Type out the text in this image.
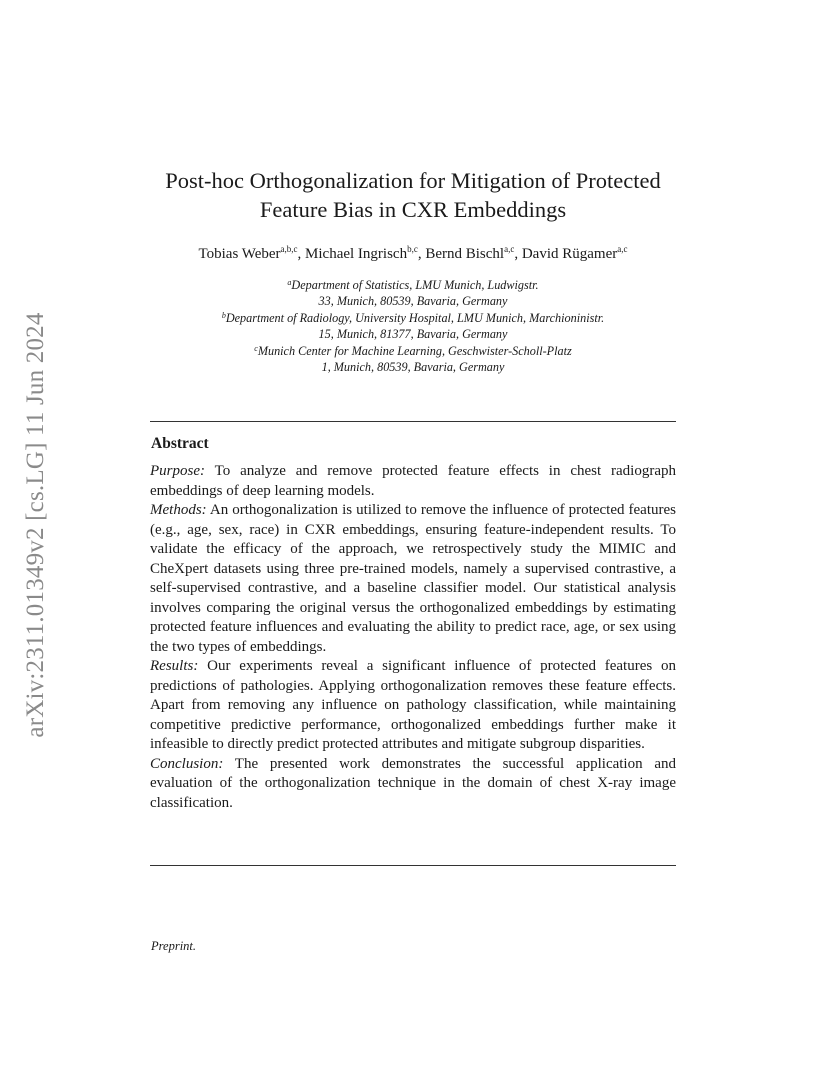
arXiv:2311.01349v2 [cs.LG] 11 Jun 2024
Post-hoc Orthogonalization for Mitigation of Protected
Feature Bias in CXR Embeddings
Tobias Weber$^{a,b,c}$, Michael Ingrisch$^{b,c}$, Bernd Bischl$^{a,c}$, David Rügamer$^{a,c}$
$^a$Department of Statistics, LMU Munich, Ludwigstr.
33, Munich, 80539, Bavaria, Germany
$^b$Department of Radiology, University Hospital, LMU Munich, Marchioninistr.
15, Munich, 81377, Bavaria, Germany
$^c$Munich Center for Machine Learning, Geschwister-Scholl-Platz
1, Munich, 80539, Bavaria, Germany
Abstract

Purpose: To analyze and remove protected feature effects in chest radiograph embeddings of deep learning models.

Methods: An orthogonalization is utilized to remove the influence of protected features (e.g., age, sex, race) in CXR embeddings, ensuring feature-independent results. To validate the efficacy of the approach, we retrospectively study the MIMIC and CheXpert datasets using three pre-trained models, namely a supervised contrastive, a self-supervised contrastive, and a baseline classifier model. Our statistical analysis involves comparing the original versus the orthogonalized embeddings by estimating protected feature influences and evaluating the ability to predict race, age, or sex using the two types of embeddings.

Results: Our experiments reveal a significant influence of protected features on predictions of pathologies. Applying orthogonalization removes these feature effects. Apart from removing any influence on pathology classification, while maintaining competitive predictive performance, orthogonalized embeddings further make it infeasible to directly predict protected attributes and mitigate subgroup disparities.

Conclusion: The presented work demonstrates the successful application and evaluation of the orthogonalization technique in the domain of chest X-ray image classification.

Preprint.
